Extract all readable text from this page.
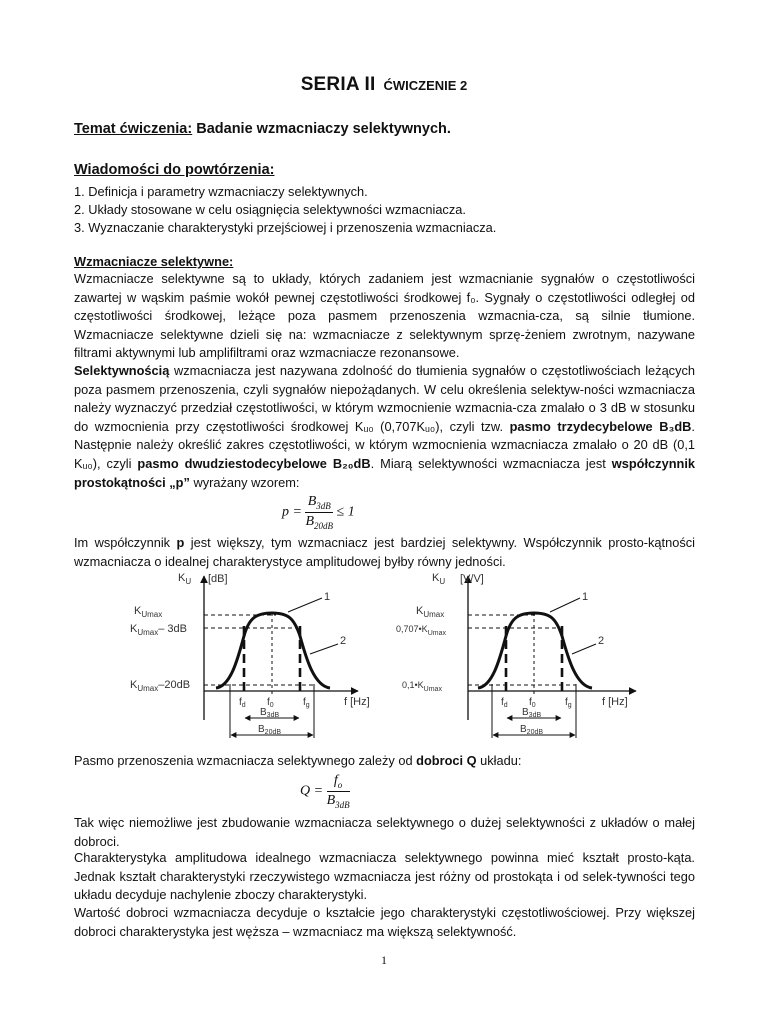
SERIA II ĆWICZENIE 2
Temat ćwiczenia: Badanie wzmacniaczy selektywnych.
Wiadomości do powtórzenia:
1. Definicja i parametry wzmacniaczy selektywnych.
2. Układy stosowane w celu osiągnięcia selektywności wzmacniacza.
3. Wyznaczanie charakterystyki przejściowej i przenoszenia wzmacniacza.
Wzmacniacze selektywne:
Wzmacniacze selektywne są to układy, których zadaniem jest wzmacnianie sygnałów o częstotliwości zawartej w wąskim paśmie wokół pewnej częstotliwości środkowej f₀. Sygnały o częstotliwości odległej od częstotliwości środkowej, leżące poza pasmem przenoszenia wzmacnia-cza, są silnie tłumione. Wzmacniacze selektywne dzieli się na: wzmacniacze z selektywnym sprzę-żeniem zwrotnym, nazywane filtrami aktywnymi lub amplifiltrami oraz wzmacniacze rezonansowe.
Selektywnością wzmacniacza jest nazywana zdolność do tłumienia sygnałów o częstotliwościach leżących poza pasmem przenoszenia, czyli sygnałów niepożądanych. W celu określenia selektyw-ności wzmacniacza należy wyznaczyć przedział częstotliwości, w którym wzmocnienie wzmacnia-cza zmalało o 3 dB w stosunku do wzmocnienia przy częstotliwości środkowej Kᵤ₀ (0,707Kᵤ₀), czyli tzw. pasmo trzydecybelowe B₃dB. Następnie należy określić zakres częstotliwości, w którym wzmocnienia wzmacniacza zmalało o 20 dB (0,1 Kᵤ₀), czyli pasmo dwudziestodecybelowe B₂₀dB. Miarą selektywności wzmacniacza jest współczynnik prostokątności „p” wyrażany wzorem:
$p = \frac{B_{3dB}}{B_{20dB}} \le 1$
Im współczynnik p jest większy, tym wzmacniacz jest bardziej selektywny. Współczynnik prosto-kątności wzmacniacza o idealnej charakterystyce amplitudowej byłby równy jedności.
$K_U$ [dB]
f [Hz]
$K_{Umax}$
$K_{Umax}-$ 3dB
$K_{Umax}-20dB$
$f_d$ $f_0$	$f_g$
$B_{3dB}$
$B_{20dB}$
1
2
$K_U$ [V/V]
f [Hz]
$K_{Umax}$
$0,707•K_{Umax}$
$0,1•K_{Umax}$
$f_d$ $f_0$	$f_g$
$B_{3dB}$
$B_{20dB}$
1
2
Pasmo przenoszenia wzmacniacza selektywnego zależy od dobroci Q układu:
$Q = \frac{f_o}{B_{3dB}}$
Tak więc niemożliwe jest zbudowanie wzmacniacza selektywnego o dużej selektywności z układów o małej dobroci.
Charakterystyka amplitudowa idealnego wzmacniacza selektywnego powinna mieć kształt prosto-kąta. Jednak kształt charakterystyki rzeczywistego wzmacniacza jest różny od prostokąta i od selek-tywności tego układu decyduje nachylenie zboczy charakterystyki.
Wartość dobroci wzmacniacza decyduje o kształcie jego charakterystyki częstotliwościowej. Przy większej dobroci charakterystyka jest węższa – wzmacniacz ma większą selektywność.
1
